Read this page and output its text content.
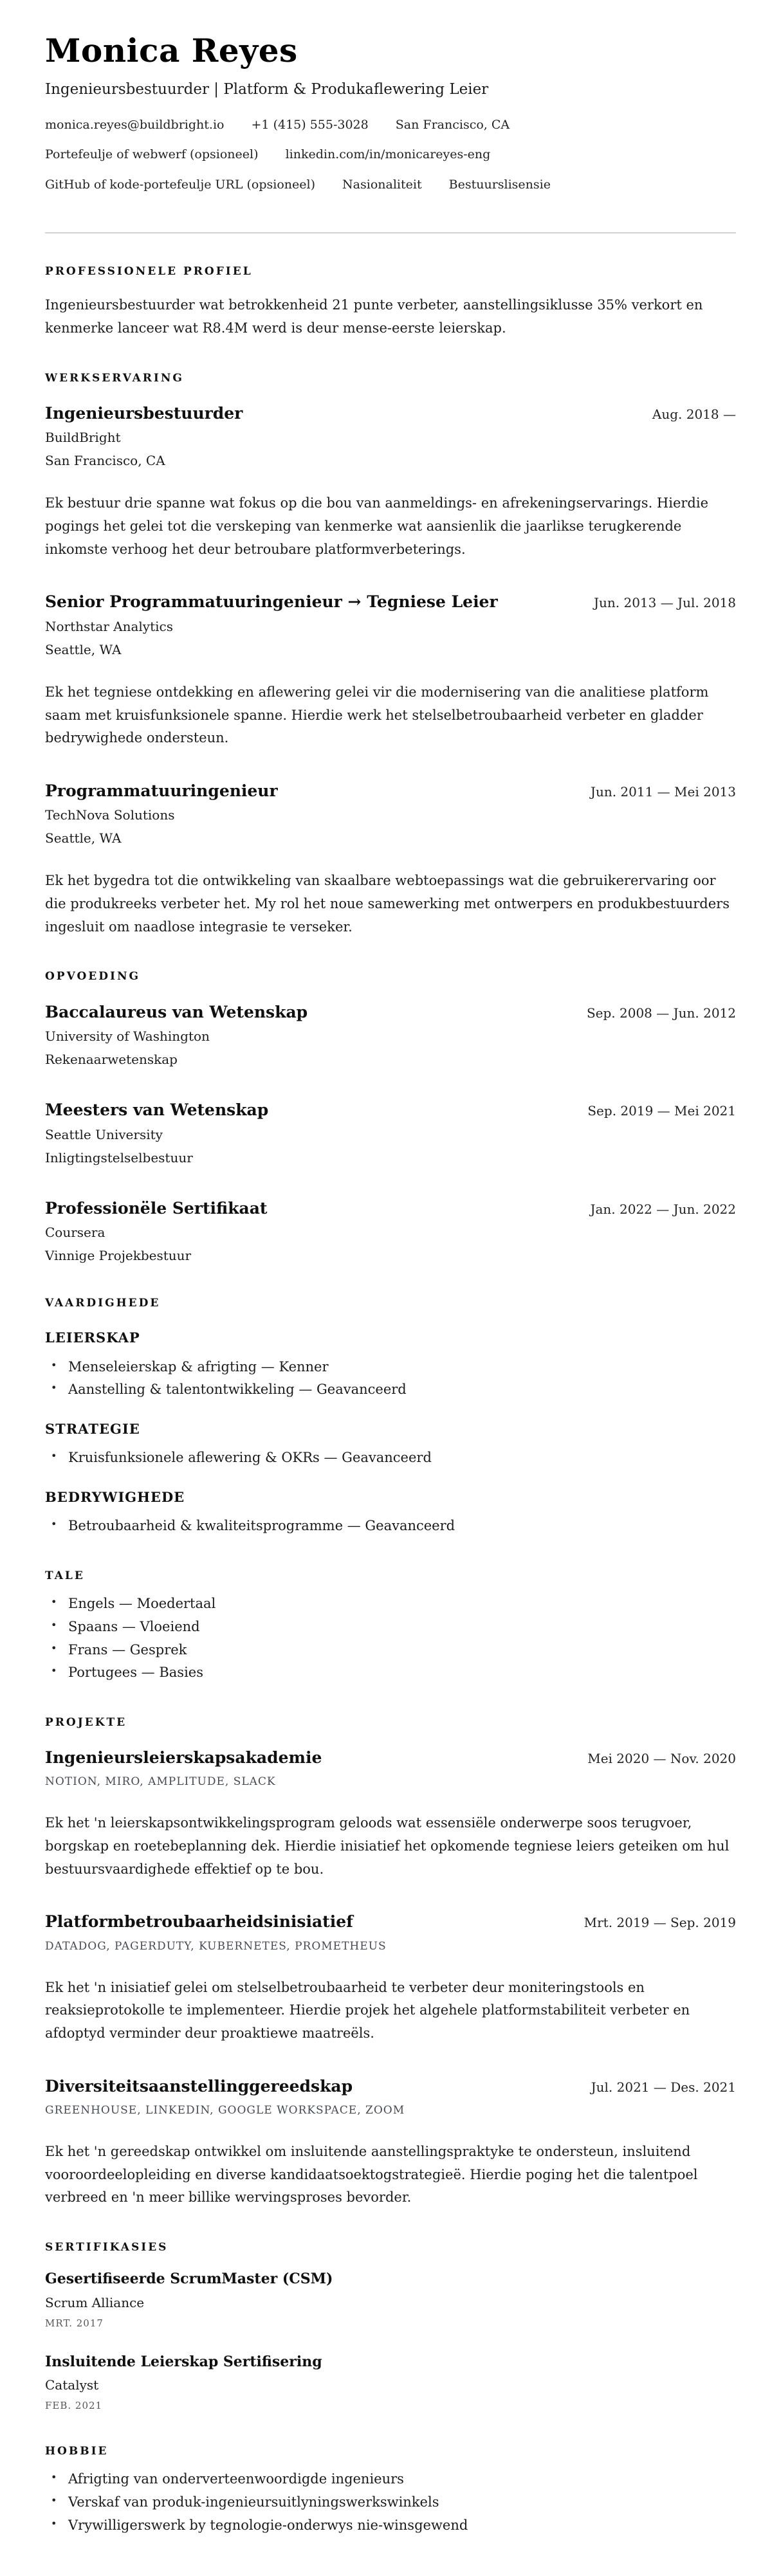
Monica Reyes
Ingenieursbestuurder | Platform & Produkaflewering Leier
monica.reyes@buildbright.io +1 (415) 555-3028 San Francisco, CA
Portefeulje of webwerf (opsioneel) linkedin.com/in/monicareyes-eng
GitHub of kode-portefeulje URL (opsioneel) Nasionaliteit Bestuurslisensie
PROFESSIONELE PROFIEL

Ingenieursbestuurder wat betrokkenheid 21 punte verbeter, aanstellingsiklusse 35% verkort en kenmerke lanceer wat R8.4M werd is deur mense-eerste leierskap.

WERKSERVARING
Ingenieursbestuurder	Aug. 2018 —
BuildBright
San Francisco, CA

Ek bestuur drie spanne wat fokus op die bou van aanmeldings- en afrekeningservarings. Hierdie pogings het gelei tot die verskeping van kenmerke wat aansienlik die jaarlikse terugkerende inkomste verhoog het deur betroubare platformverbeterings.

Senior Programmatuuringenieur → Tegniese Leier	Jun. 2013 — Jul. 2018
Northstar Analytics
Seattle, WA

Ek het tegniese ontdekking en aflewering gelei vir die modernisering van die analitiese platform saam met kruisfunksionele spanne. Hierdie werk het stelselbetroubaarheid verbeter en gladder bedrywighede ondersteun.

Programmatuuringenieur	Jun. 2011 — Mei 2013
TechNova Solutions
Seattle, WA

Ek het bygedra tot die ontwikkeling van skaalbare webtoepassings wat die gebruikerervaring oor die produkreeks verbeter het. My rol het noue samewerking met ontwerpers en produkbestuurders ingesluit om naadlose integrasie te verseker.

OPVOEDING
Baccalaureus van Wetenskap	Sep. 2008 — Jun. 2012
University of Washington
Rekenaarwetenskap
Meesters van Wetenskap	Sep. 2019 — Mei 2021
Seattle University
Inligtingstelselbestuur
Professionële Sertifikaat	Jan. 2022 — Jun. 2022
Coursera
Vinnige Projekbestuur
VAARDIGHEDE
LEIERSKAP
• Menseleierskap & afrigting — Kenner
• Aanstelling & talentontwikkeling — Geavanceerd
STRATEGIE
• Kruisfunksionele aflewering & OKRs — Geavanceerd
BEDRYWIGHEDE
• Betroubaarheid & kwaliteitsprogramme — Geavanceerd
TALE
• Engels — Moedertaal
• Spaans — Vloeiend
• Frans — Gesprek
• Portugees — Basies
PROJEKTE
Ingenieursleierskapsakademie	Mei 2020 — Nov. 2020
NOTION, MIRO, AMPLITUDE, SLACK

Ek het 'n leierskapsontwikkelingsprogram geloods wat essensiële onderwerpe soos terugvoer, borgskap en roetebeplanning dek. Hierdie inisiatief het opkomende tegniese leiers geteiken om hul bestuursvaardighede effektief op te bou.

Platformbetroubaarheidsinisiatief	Mrt. 2019 — Sep. 2019
DATADOG, PAGERDUTY, KUBERNETES, PROMETHEUS

Ek het 'n inisiatief gelei om stelselbetroubaarheid te verbeter deur moniteringstools en reaksieprotokolle te implementeer. Hierdie projek het algehele platformstabiliteit verbeter en afdoptyd verminder deur proaktiewe maatreëls.

Diversiteitsaanstellinggereedskap	Jul. 2021 — Des. 2021
GREENHOUSE, LINKEDIN, GOOGLE WORKSPACE, ZOOM

Ek het 'n gereedskap ontwikkel om insluitende aanstellingspraktyke te ondersteun, insluitend vooroordeelopleiding en diverse kandidaatsoektogstrategieë. Hierdie poging het die talentpoel verbreed en 'n meer billike wervingsproses bevorder.

SERTIFIKASIES
Gesertifiseerde ScrumMaster (CSM)
Scrum Alliance
MRT. 2017
Insluitende Leierskap Sertifisering
Catalyst
FEB. 2021
HOBBIE
• Afrigting van onderverteenwoordigde ingenieurs
• Verskaf van produk-ingenieursuitlyningswerkswinkels
• Vrywilligerswerk by tegnologie-onderwys nie-winsgewend
